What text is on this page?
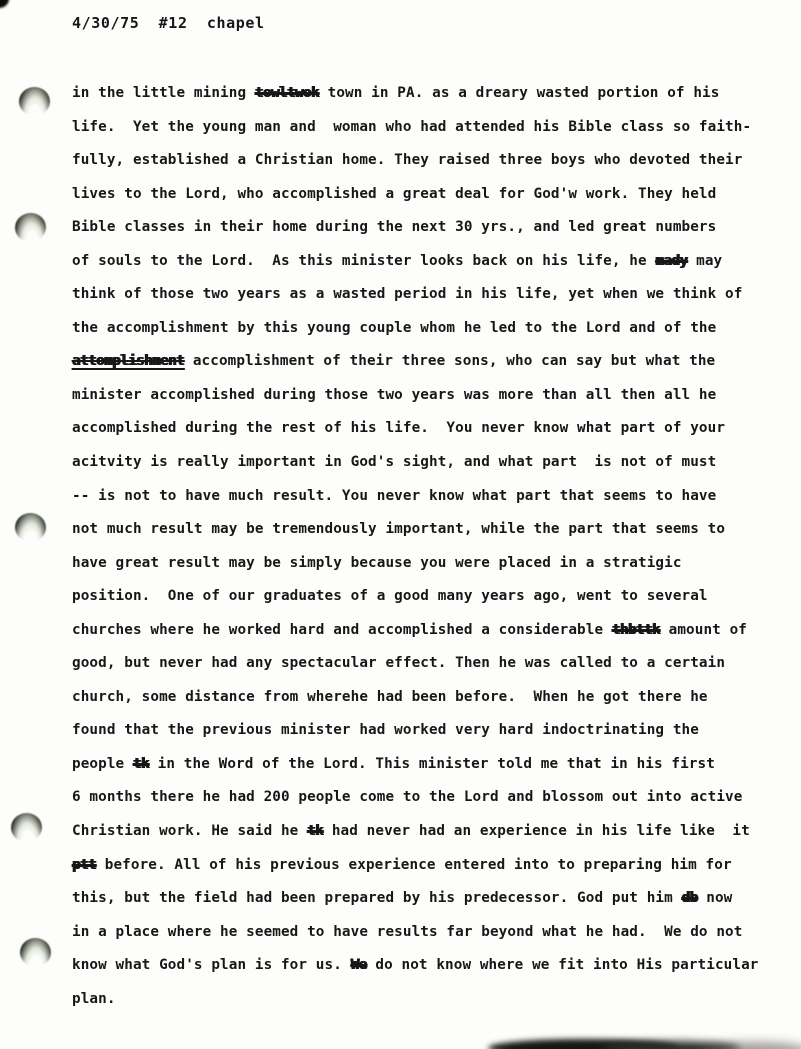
4/30/75  #12  chapel
in the little mining towltwok town in PA. as a dreary wasted portion of his
life.  Yet the young man and  woman who had attended his Bible class so faith-
fully, established a Christian home. They raised three boys who devoted their
lives to the Lord, who accomplished a great deal for God'w work. They held
Bible classes in their home during the next 30 yrs., and led great numbers
of souls to the Lord.  As this minister looks back on his life, he mady may
think of those two years as a wasted period in his life, yet when we think of
the accomplishment by this young couple whom he led to the Lord and of the
attomplishment accomplishment of their three sons, who can say but what the
minister accomplished during those two years was more than all then all he
accomplished during the rest of his life.  You never know what part of your
acitvity is really important in God's sight, and what part  is not of must
-- is not to have much result. You never know what part that seems to have
not much result may be tremendously important, while the part that seems to
have great result may be simply because you were placed in a stratigic
position.  One of our graduates of a good many years ago, went to several
churches where he worked hard and accomplished a considerable thbttk amount of
good, but never had any spectacular effect. Then he was called to a certain
church, some distance from wherehe had been before.  When he got there he
found that the previous minister had worked very hard indoctrinating the
people tk in the Word of the Lord. This minister told me that in his first
6 months there he had 200 people come to the Lord and blossom out into active
Christian work. He said he tk had never had an experience in his life like  it
ptt before. All of his previous experience entered into to preparing him for
this, but the field had been prepared by his predecessor. God put him db now
in a place where he seemed to have results far beyond what he had.  We do not
know what God's plan is for us. We do not know where we fit into His particular
plan.
